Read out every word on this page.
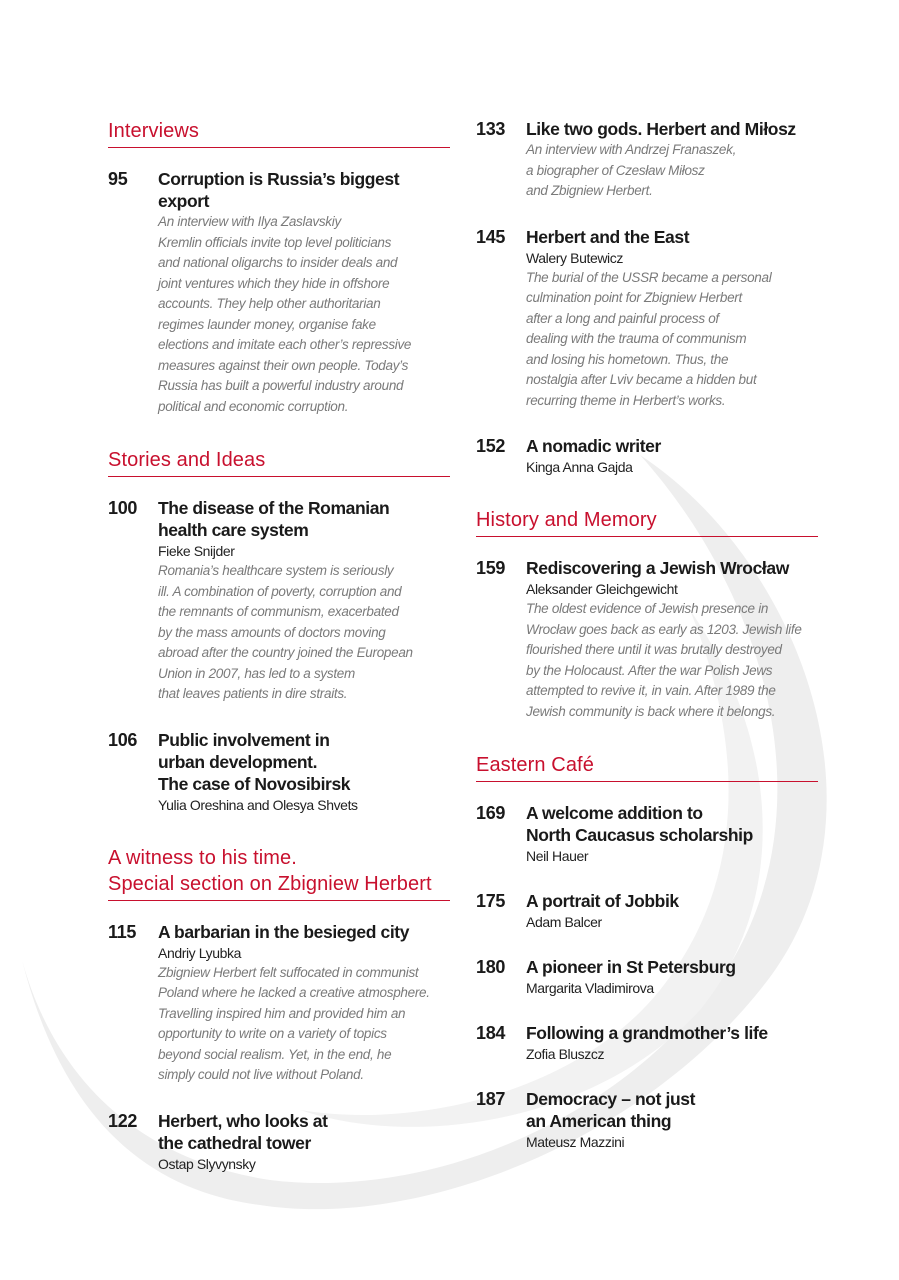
Interviews
95	Corruption is Russia’s biggest export
An interview with Ilya Zaslavskiy
Kremlin officials invite top level politicians
and national oligarchs to insider deals and
joint ventures which they hide in offshore
accounts. They help other authoritarian
regimes launder money, organise fake
elections and imitate each other’s repressive
measures against their own people. Today’s
Russia has built a powerful industry around
political and economic corruption.
Stories and Ideas
100	The disease of the Romanian
health care system
Fieke Snijder
Romania’s healthcare system is seriously
ill. A combination of poverty, corruption and
the remnants of communism, exacerbated
by the mass amounts of doctors moving
abroad after the country joined the European
Union in 2007, has led to a system
that leaves patients in dire straits.
106	Public involvement in
urban development.
The case of Novosibirsk
Yulia Oreshina and Olesya Shvets
A witness to his time.
Special section on Zbigniew Herbert
115	A barbarian in the besieged city
Andriy Lyubka
Zbigniew Herbert felt suffocated in communist
Poland where he lacked a creative atmosphere.
Travelling inspired him and provided him an
opportunity to write on a variety of topics
beyond social realism. Yet, in the end, he
simply could not live without Poland.
122	Herbert, who looks at
the cathedral tower
Ostap Slyvynsky
133	Like two gods. Herbert and Miłosz
An interview with Andrzej Franaszek,
a biographer of Czesław Miłosz
and Zbigniew Herbert.
145	Herbert and the East
Walery Butewicz
The burial of the USSR became a personal
culmination point for Zbigniew Herbert
after a long and painful process of
dealing with the trauma of communism
and losing his hometown. Thus, the
nostalgia after Lviv became a hidden but
recurring theme in Herbert’s works.
152	A nomadic writer
Kinga Anna Gajda
History and Memory
159	Rediscovering a Jewish Wrocław
Aleksander Gleichgewicht
The oldest evidence of Jewish presence in
Wrocław goes back as early as 1203. Jewish life
flourished there until it was brutally destroyed
by the Holocaust. After the war Polish Jews
attempted to revive it, in vain. After 1989 the
Jewish community is back where it belongs.
Eastern Café
169	A welcome addition to
North Caucasus scholarship
Neil Hauer
175	A portrait of Jobbik
Adam Balcer
180	A pioneer in St Petersburg
Margarita Vladimirova
184	Following a grandmother’s life
Zofia Bluszcz
187	Democracy – not just
an American thing
Mateusz Mazzini
